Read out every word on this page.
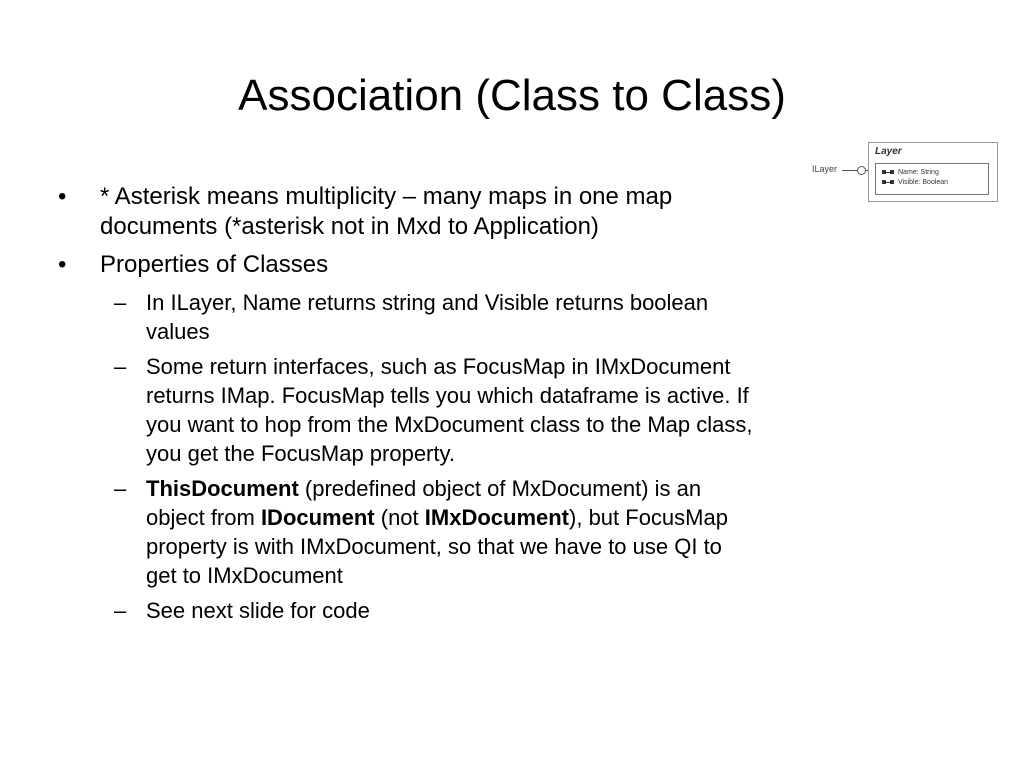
Association (Class to Class)
•	* Asterisk means multiplicity – many maps in one map documents (*asterisk not in Mxd to Application)
•	Properties of Classes
– In ILayer, Name returns string and Visible returns boolean values
– Some return interfaces, such as FocusMap in IMxDocument returns IMap. FocusMap tells you which dataframe is active. If you want to hop from the MxDocument class to the Map class, you get the FocusMap property.
– ThisDocument (predefined object of MxDocument) is an object from IDocument (not IMxDocument), but FocusMap property is with IMxDocument, so that we have to use QI to get to IMxDocument
– See next slide for code
ILayer
Layer
Name: String
Visible: Boolean
